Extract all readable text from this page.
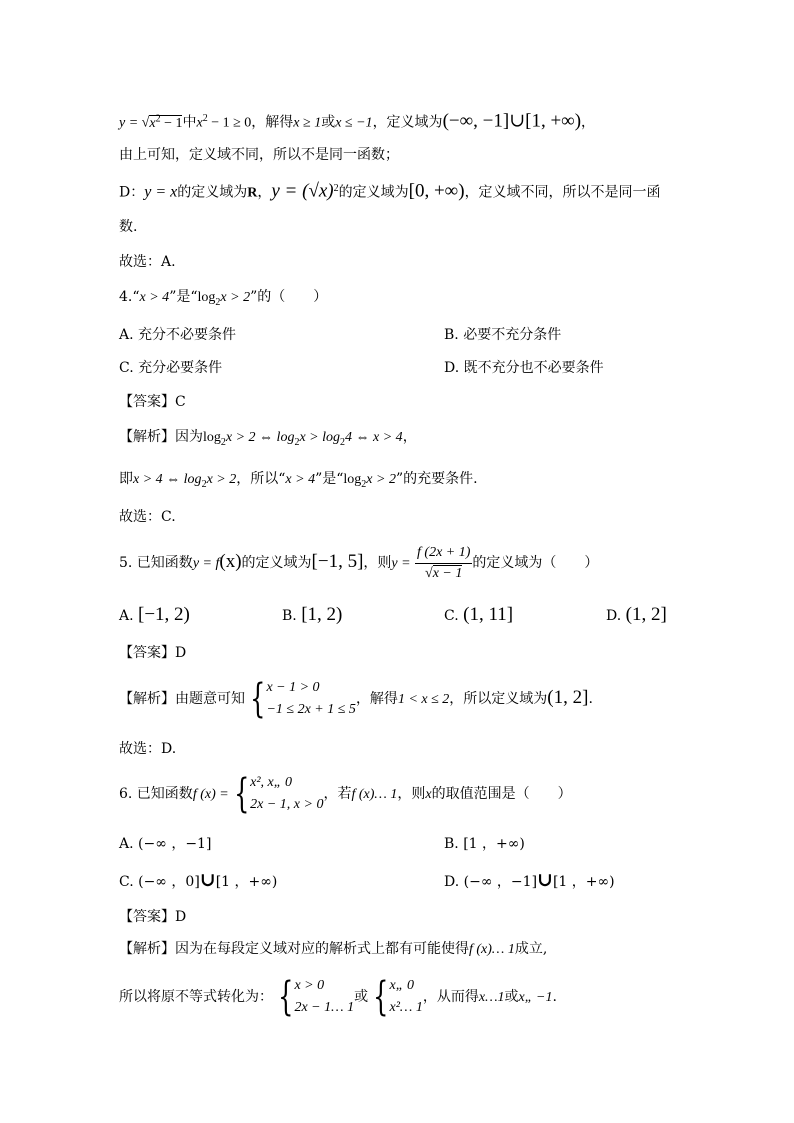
$y = √x^2 - 1$中$x^2 - 1 \ge 0$，解得x ≥ 1或x ≤ −1，定义域为(−∞, −1]∪[1, +∞)，
由上可知，定义域不同，所以不是同一函数；
D：y = x的定义域为R，$y = (√x)^2$的定义域为[0, +∞)，定义域不同，所以不是同一函
数.
故选：A.
4.“x > 4”是“$\log_2x > 2$”的（　　）
A. 充分不必要条件	B. 必要不充分条件
C. 充分必要条件	D. 既不充分也不必要条件
【答案】C
【解析】因为$\log_2x > 2$ ⇔ $\log_2x > \log_24$ ⇔ x > 4，
即x > 4 ⇔ $\log_2x > 2$，所以“x > 4”是“$\log_2x > 2$”的充要条件.
故选：C.
5. 已知函数y = f(x)的定义域为[−1, 5]，则$y = \frac{f (2x + 1)}{√x - 1}$ 的定义域为（　　）
A. [−1, 2)	B. [1, 2)	C. (1, 11]	D. (1, 2]
【答案】D
【解析】由题意可知 { x − 1 > 0
−1 ≤ 2x + 1 ≤ 5
，解得1 < x ≤ 2，所以定义域为(1, 2].
故选：D.
6. 已知函数f (x) = { x², x„ 0
2x − 1, x > 0
，若f (x)… 1，则x的取值范围是（　　）
A. (−∞ ，−1]	B. [1 ，+∞)
C. (−∞ ，0]∪[1 ，+∞)	D. (−∞ ，−1]∪[1 ，+∞)
【答案】D
【解析】因为在每段定义域对应的解析式上都有可能使得f (x)… 1成立,
所以将原不等式转化为： { x > 0
2x − 1… 1
或 { x„ 0
x²… 1
，从而得x…1或x„ −1.
